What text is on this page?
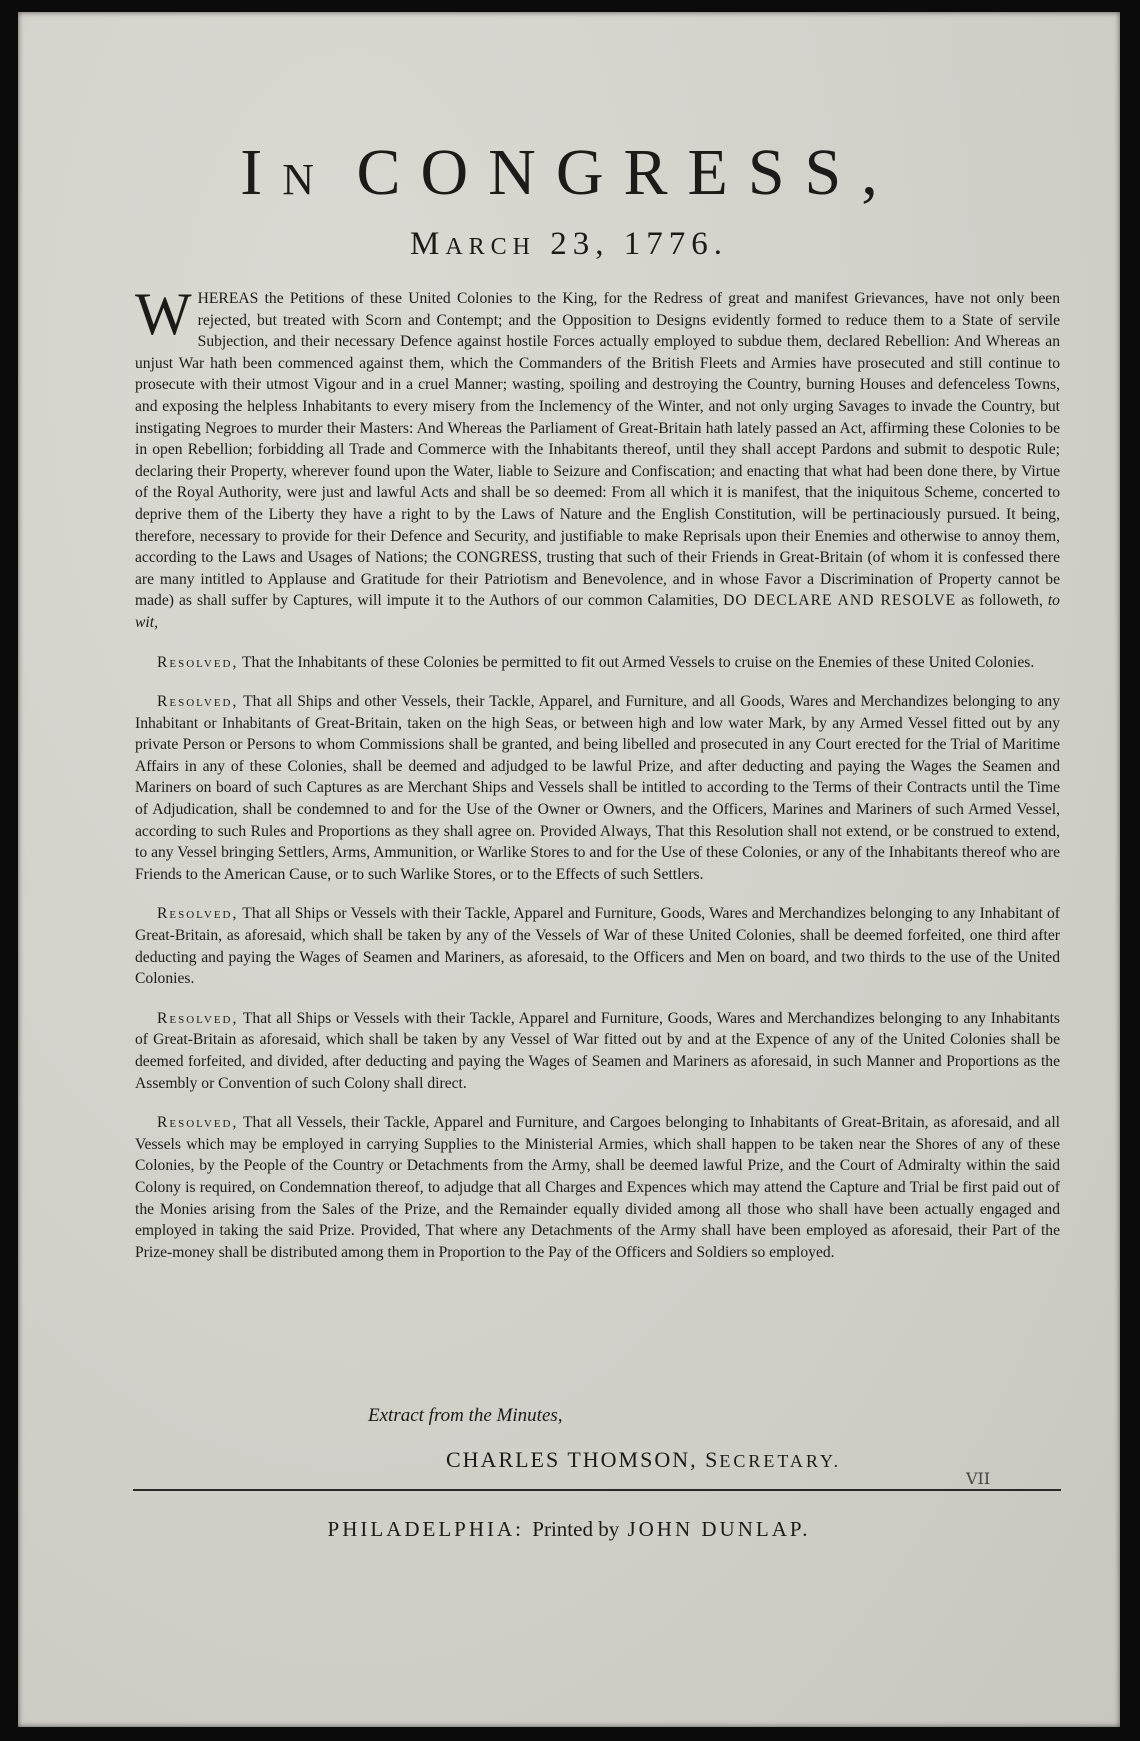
IN CONGRESS,
MARCH 23, 1776.

W HEREAS the Petitions of these United Colonies to the King, for the Redress of great and manifest Grievances, have not only been rejected, but treated with Scorn and Contempt; and the Opposition to Designs evidently formed to reduce them to a State of servile Subjection, and their necessary Defence against hostile Forces actually employed to subdue them, declared Rebellion: And Whereas an unjust War hath been commenced against them, which the Commanders of the British Fleets and Armies have prosecuted and still continue to prosecute with their utmost Vigour and in a cruel Manner; wasting, spoiling and destroying the Country, burning Houses and defenceless Towns, and exposing the helpless Inhabitants to every misery from the Inclemency of the Winter, and not only urging Savages to invade the Country, but instigating Negroes to murder their Masters: And Whereas the Parliament of Great-Britain hath lately passed an Act, affirming these Colonies to be in open Rebellion; forbidding all Trade and Commerce with the Inhabitants thereof, until they shall accept Pardons and submit to despotic Rule; declaring their Property, wherever found upon the Water, liable to Seizure and Confiscation; and enacting that what had been done there, by Virtue of the Royal Authority, were just and lawful Acts and shall be so deemed: From all which it is manifest, that the iniquitous Scheme, concerted to deprive them of the Liberty they have a right to by the Laws of Nature and the English Constitution, will be pertinaciously pursued. It being, therefore, necessary to provide for their Defence and Security, and justifiable to make Reprisals upon their Enemies and otherwise to annoy them, according to the Laws and Usages of Nations; the CONGRESS, trusting that such of their Friends in Great-Britain (of whom it is confessed there are many intitled to Applause and Gratitude for their Patriotism and Benevolence, and in whose Favor a Discrimination of Property cannot be made) as shall suffer by Captures, will impute it to the Authors of our common Calamities, DO DECLARE AND RESOLVE as followeth, to wit,

Resolved, That the Inhabitants of these Colonies be permitted to fit out Armed Vessels to cruise on the Enemies of these United Colonies.

Resolved, That all Ships and other Vessels, their Tackle, Apparel, and Furniture, and all Goods, Wares and Merchandizes belonging to any Inhabitant or Inhabitants of Great-Britain, taken on the high Seas, or between high and low water Mark, by any Armed Vessel fitted out by any private Person or Persons to whom Commissions shall be granted, and being libelled and prosecuted in any Court erected for the Trial of Maritime Affairs in any of these Colonies, shall be deemed and adjudged to be lawful Prize, and after deducting and paying the Wages the Seamen and Mariners on board of such Captures as are Merchant Ships and Vessels shall be intitled to according to the Terms of their Contracts until the Time of Adjudication, shall be condemned to and for the Use of the Owner or Owners, and the Officers, Marines and Mariners of such Armed Vessel, according to such Rules and Proportions as they shall agree on. Provided Always, That this Resolution shall not extend, or be construed to extend, to any Vessel bringing Settlers, Arms, Ammunition, or Warlike Stores to and for the Use of these Colonies, or any of the Inhabitants thereof who are Friends to the American Cause, or to such Warlike Stores, or to the Effects of such Settlers.

Resolved, That all Ships or Vessels with their Tackle, Apparel and Furniture, Goods, Wares and Merchandizes belonging to any Inhabitant of Great-Britain, as aforesaid, which shall be taken by any of the Vessels of War of these United Colonies, shall be deemed forfeited, one third after deducting and paying the Wages of Seamen and Mariners, as aforesaid, to the Officers and Men on board, and two thirds to the use of the United Colonies.

Resolved, That all Ships or Vessels with their Tackle, Apparel and Furniture, Goods, Wares and Merchandizes belonging to any Inhabitants of Great-Britain as aforesaid, which shall be taken by any Vessel of War fitted out by and at the Expence of any of the United Colonies shall be deemed forfeited, and divided, after deducting and paying the Wages of Seamen and Mariners as aforesaid, in such Manner and Proportions as the Assembly or Convention of such Colony shall direct.

Resolved, That all Vessels, their Tackle, Apparel and Furniture, and Cargoes belonging to Inhabitants of Great-Britain, as aforesaid, and all Vessels which may be employed in carrying Supplies to the Ministerial Armies, which shall happen to be taken near the Shores of any of these Colonies, by the People of the Country or Detachments from the Army, shall be deemed lawful Prize, and the Court of Admiralty within the said Colony is required, on Condemnation thereof, to adjudge that all Charges and Expences which may attend the Capture and Trial be first paid out of the Monies arising from the Sales of the Prize, and the Remainder equally divided among all those who shall have been actually engaged and employed in taking the said Prize. Provided, That where any Detachments of the Army shall have been employed as aforesaid, their Part of the Prize-money shall be distributed among them in Proportion to the Pay of the Officers and Soldiers so employed.

Extract from the Minutes,
CHARLES THOMSON, SECRETARY.
VII
PHILADELPHIA: Printed by JOHN DUNLAP.
